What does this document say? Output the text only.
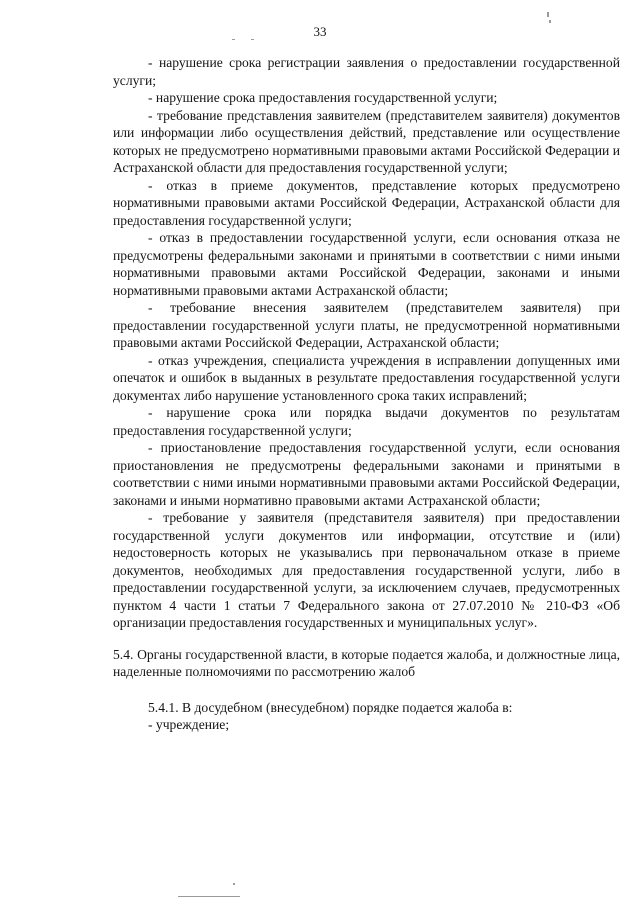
33

- нарушение срока регистрации заявления о предоставлении государственной услуги;

- нарушение срока предоставления государственной услуги;

- требование представления заявителем (представителем заявителя) документов или информации либо осуществления действий, представление или осуществление которых не предусмотрено нормативными правовыми актами Российской Федерации и Астраханской области для предоставления государственной услуги;

- отказ в приеме документов, представление которых предусмотрено нормативными правовыми актами Российской Федерации, Астраханской области для предоставления государственной услуги;

- отказ в предоставлении государственной услуги, если основания отказа не предусмотрены федеральными законами и принятыми в соответствии с ними иными нормативными правовыми актами Российской Федерации, законами и иными нормативными правовыми актами Астраханской области;

- требование внесения заявителем (представителем заявителя) при предоставлении государственной услуги платы, не предусмотренной нормативными правовыми актами Российской Федерации, Астраханской области;

- отказ учреждения, специалиста учреждения в исправлении допущенных ими опечаток и ошибок в выданных в результате предоставления государственной услуги документах либо нарушение установленного срока таких исправлений;

- нарушение срока или порядка выдачи документов по результатам предоставления государственной услуги;

- приостановление предоставления государственной услуги, если основания приостановления не предусмотрены федеральными законами и принятыми в соответствии с ними иными нормативными правовыми актами Российской Федерации, законами и иными нормативно правовыми актами Астраханской области;

- требование у заявителя (представителя заявителя) при предоставлении государственной услуги документов или информации, отсутствие и (или) недостоверность которых не указывались при первоначальном отказе в приеме документов, необходимых для предоставления государственной услуги, либо в предоставлении государственной услуги, за исключением случаев, предусмотренных пунктом 4 части 1 статьи 7 Федерального закона от 27.07.2010 № 210-ФЗ «Об организации предоставления государственных и муниципальных услуг».

5.4. Органы государственной власти, в которые подается жалоба, и должностные лица, наделенные полномочиями по рассмотрению жалоб

5.4.1. В досудебном (внесудебном) порядке подается жалоба в:

- учреждение;
